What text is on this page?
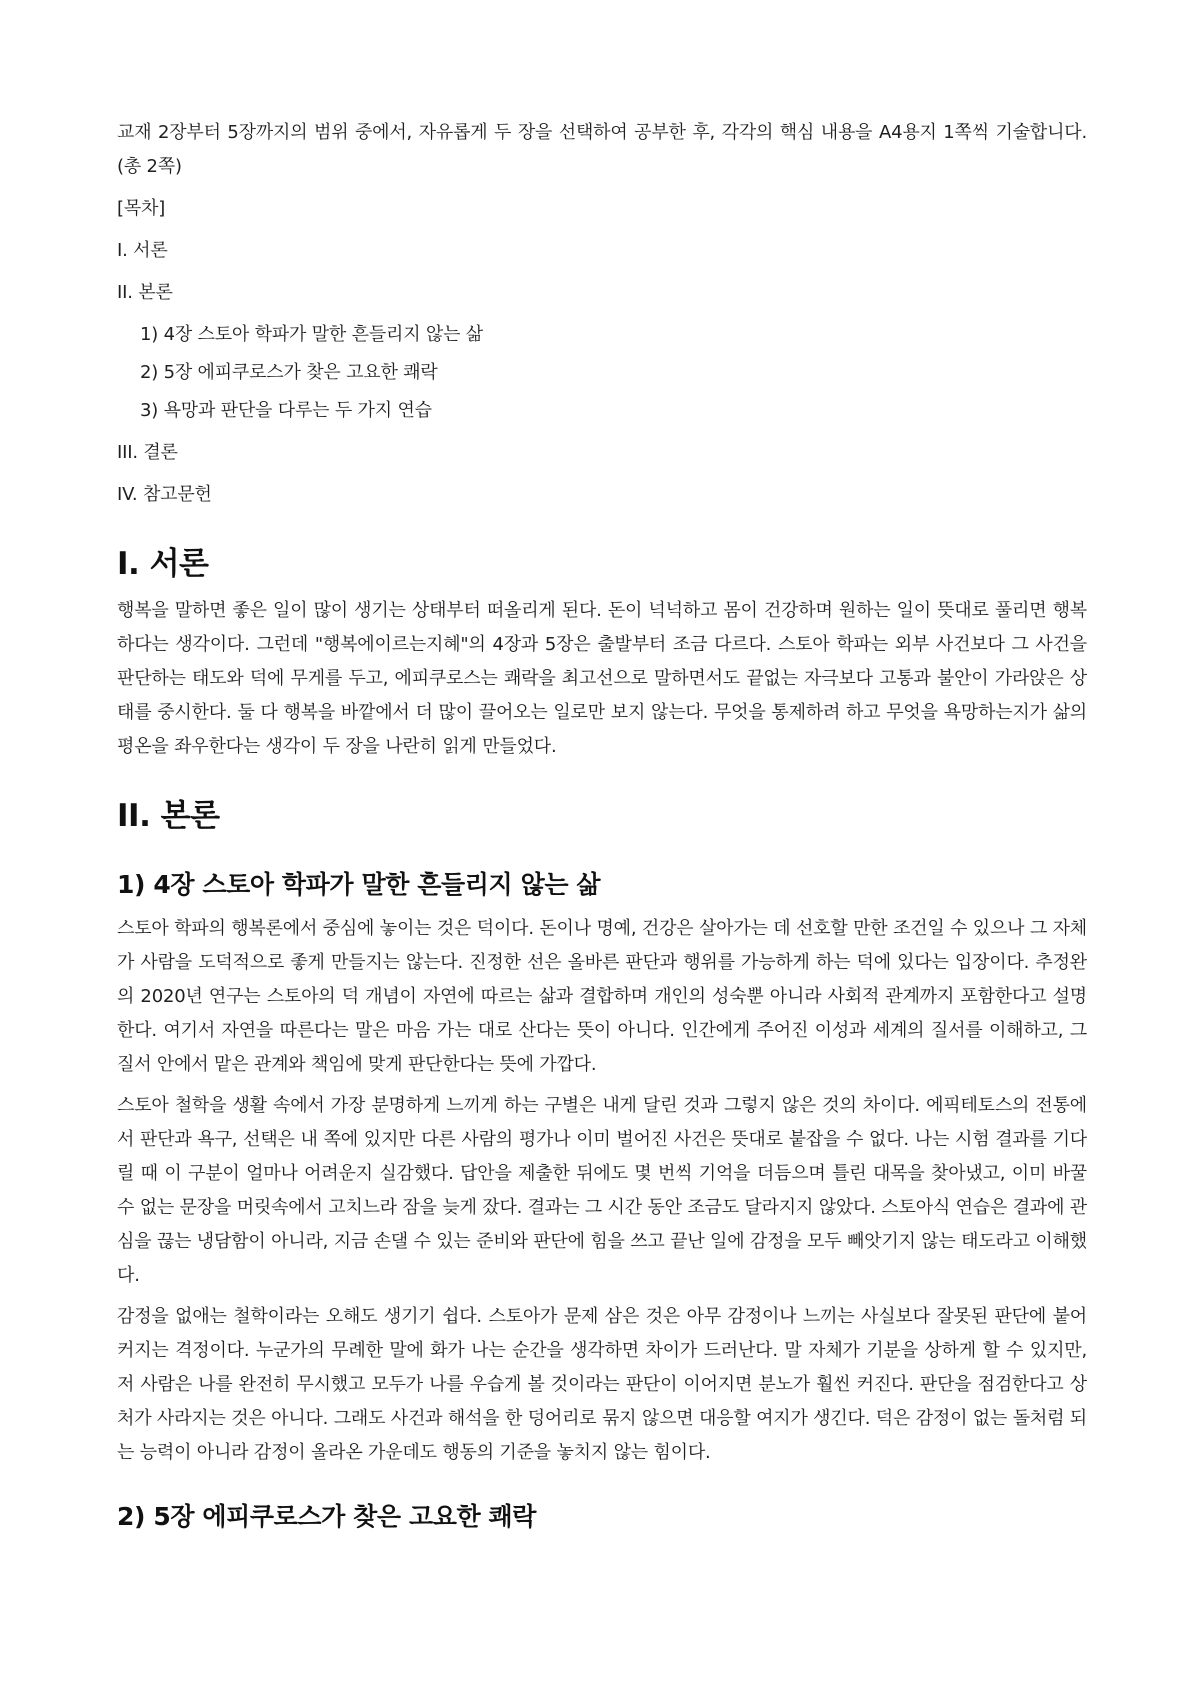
교재 2장부터 5장까지의 범위 중에서, 자유롭게 두 장을 선택하여 공부한 후, 각각의 핵심 내용을 A4용지 1쪽씩 기술합니다. (총 2쪽)

[목차]

I. 서론
II. 본론
1) 4장 스토아 학파가 말한 흔들리지 않는 삶
2) 5장 에피쿠로스가 찾은 고요한 쾌락
3) 욕망과 판단을 다루는 두 가지 연습
III. 결론
IV. 참고문헌
I. 서론

행복을 말하면 좋은 일이 많이 생기는 상태부터 떠올리게 된다. 돈이 넉넉하고 몸이 건강하며 원하는 일이 뜻대로 풀리면 행복하다는 생각이다. 그런데 "행복에이르는지혜"의 4장과 5장은 출발부터 조금 다르다. 스토아 학파는 외부 사건보다 그 사건을 판단하는 태도와 덕에 무게를 두고, 에피쿠로스는 쾌락을 최고선으로 말하면서도 끝없는 자극보다 고통과 불안이 가라앉은 상태를 중시한다. 둘 다 행복을 바깥에서 더 많이 끌어오는 일로만 보지 않는다. 무엇을 통제하려 하고 무엇을 욕망하는지가 삶의 평온을 좌우한다는 생각이 두 장을 나란히 읽게 만들었다.

II. 본론
1) 4장 스토아 학파가 말한 흔들리지 않는 삶

스토아 학파의 행복론에서 중심에 놓이는 것은 덕이다. 돈이나 명예, 건강은 살아가는 데 선호할 만한 조건일 수 있으나 그 자체가 사람을 도덕적으로 좋게 만들지는 않는다. 진정한 선은 올바른 판단과 행위를 가능하게 하는 덕에 있다는 입장이다. 추정완의 2020년 연구는 스토아의 덕 개념이 자연에 따르는 삶과 결합하며 개인의 성숙뿐 아니라 사회적 관계까지 포함한다고 설명한다. 여기서 자연을 따른다는 말은 마음 가는 대로 산다는 뜻이 아니다. 인간에게 주어진 이성과 세계의 질서를 이해하고, 그 질서 안에서 맡은 관계와 책임에 맞게 판단한다는 뜻에 가깝다.

스토아 철학을 생활 속에서 가장 분명하게 느끼게 하는 구별은 내게 달린 것과 그렇지 않은 것의 차이다. 에픽테토스의 전통에서 판단과 욕구, 선택은 내 쪽에 있지만 다른 사람의 평가나 이미 벌어진 사건은 뜻대로 붙잡을 수 없다. 나는 시험 결과를 기다릴 때 이 구분이 얼마나 어려운지 실감했다. 답안을 제출한 뒤에도 몇 번씩 기억을 더듬으며 틀린 대목을 찾아냈고, 이미 바꿀 수 없는 문장을 머릿속에서 고치느라 잠을 늦게 잤다. 결과는 그 시간 동안 조금도 달라지지 않았다. 스토아식 연습은 결과에 관심을 끊는 냉담함이 아니라, 지금 손댈 수 있는 준비와 판단에 힘을 쓰고 끝난 일에 감정을 모두 빼앗기지 않는 태도라고 이해했다.

감정을 없애는 철학이라는 오해도 생기기 쉽다. 스토아가 문제 삼은 것은 아무 감정이나 느끼는 사실보다 잘못된 판단에 붙어 커지는 격정이다. 누군가의 무례한 말에 화가 나는 순간을 생각하면 차이가 드러난다. 말 자체가 기분을 상하게 할 수 있지만, 저 사람은 나를 완전히 무시했고 모두가 나를 우습게 볼 것이라는 판단이 이어지면 분노가 훨씬 커진다. 판단을 점검한다고 상처가 사라지는 것은 아니다. 그래도 사건과 해석을 한 덩어리로 묶지 않으면 대응할 여지가 생긴다. 덕은 감정이 없는 돌처럼 되는 능력이 아니라 감정이 올라온 가운데도 행동의 기준을 놓치지 않는 힘이다.

2) 5장 에피쿠로스가 찾은 고요한 쾌락
